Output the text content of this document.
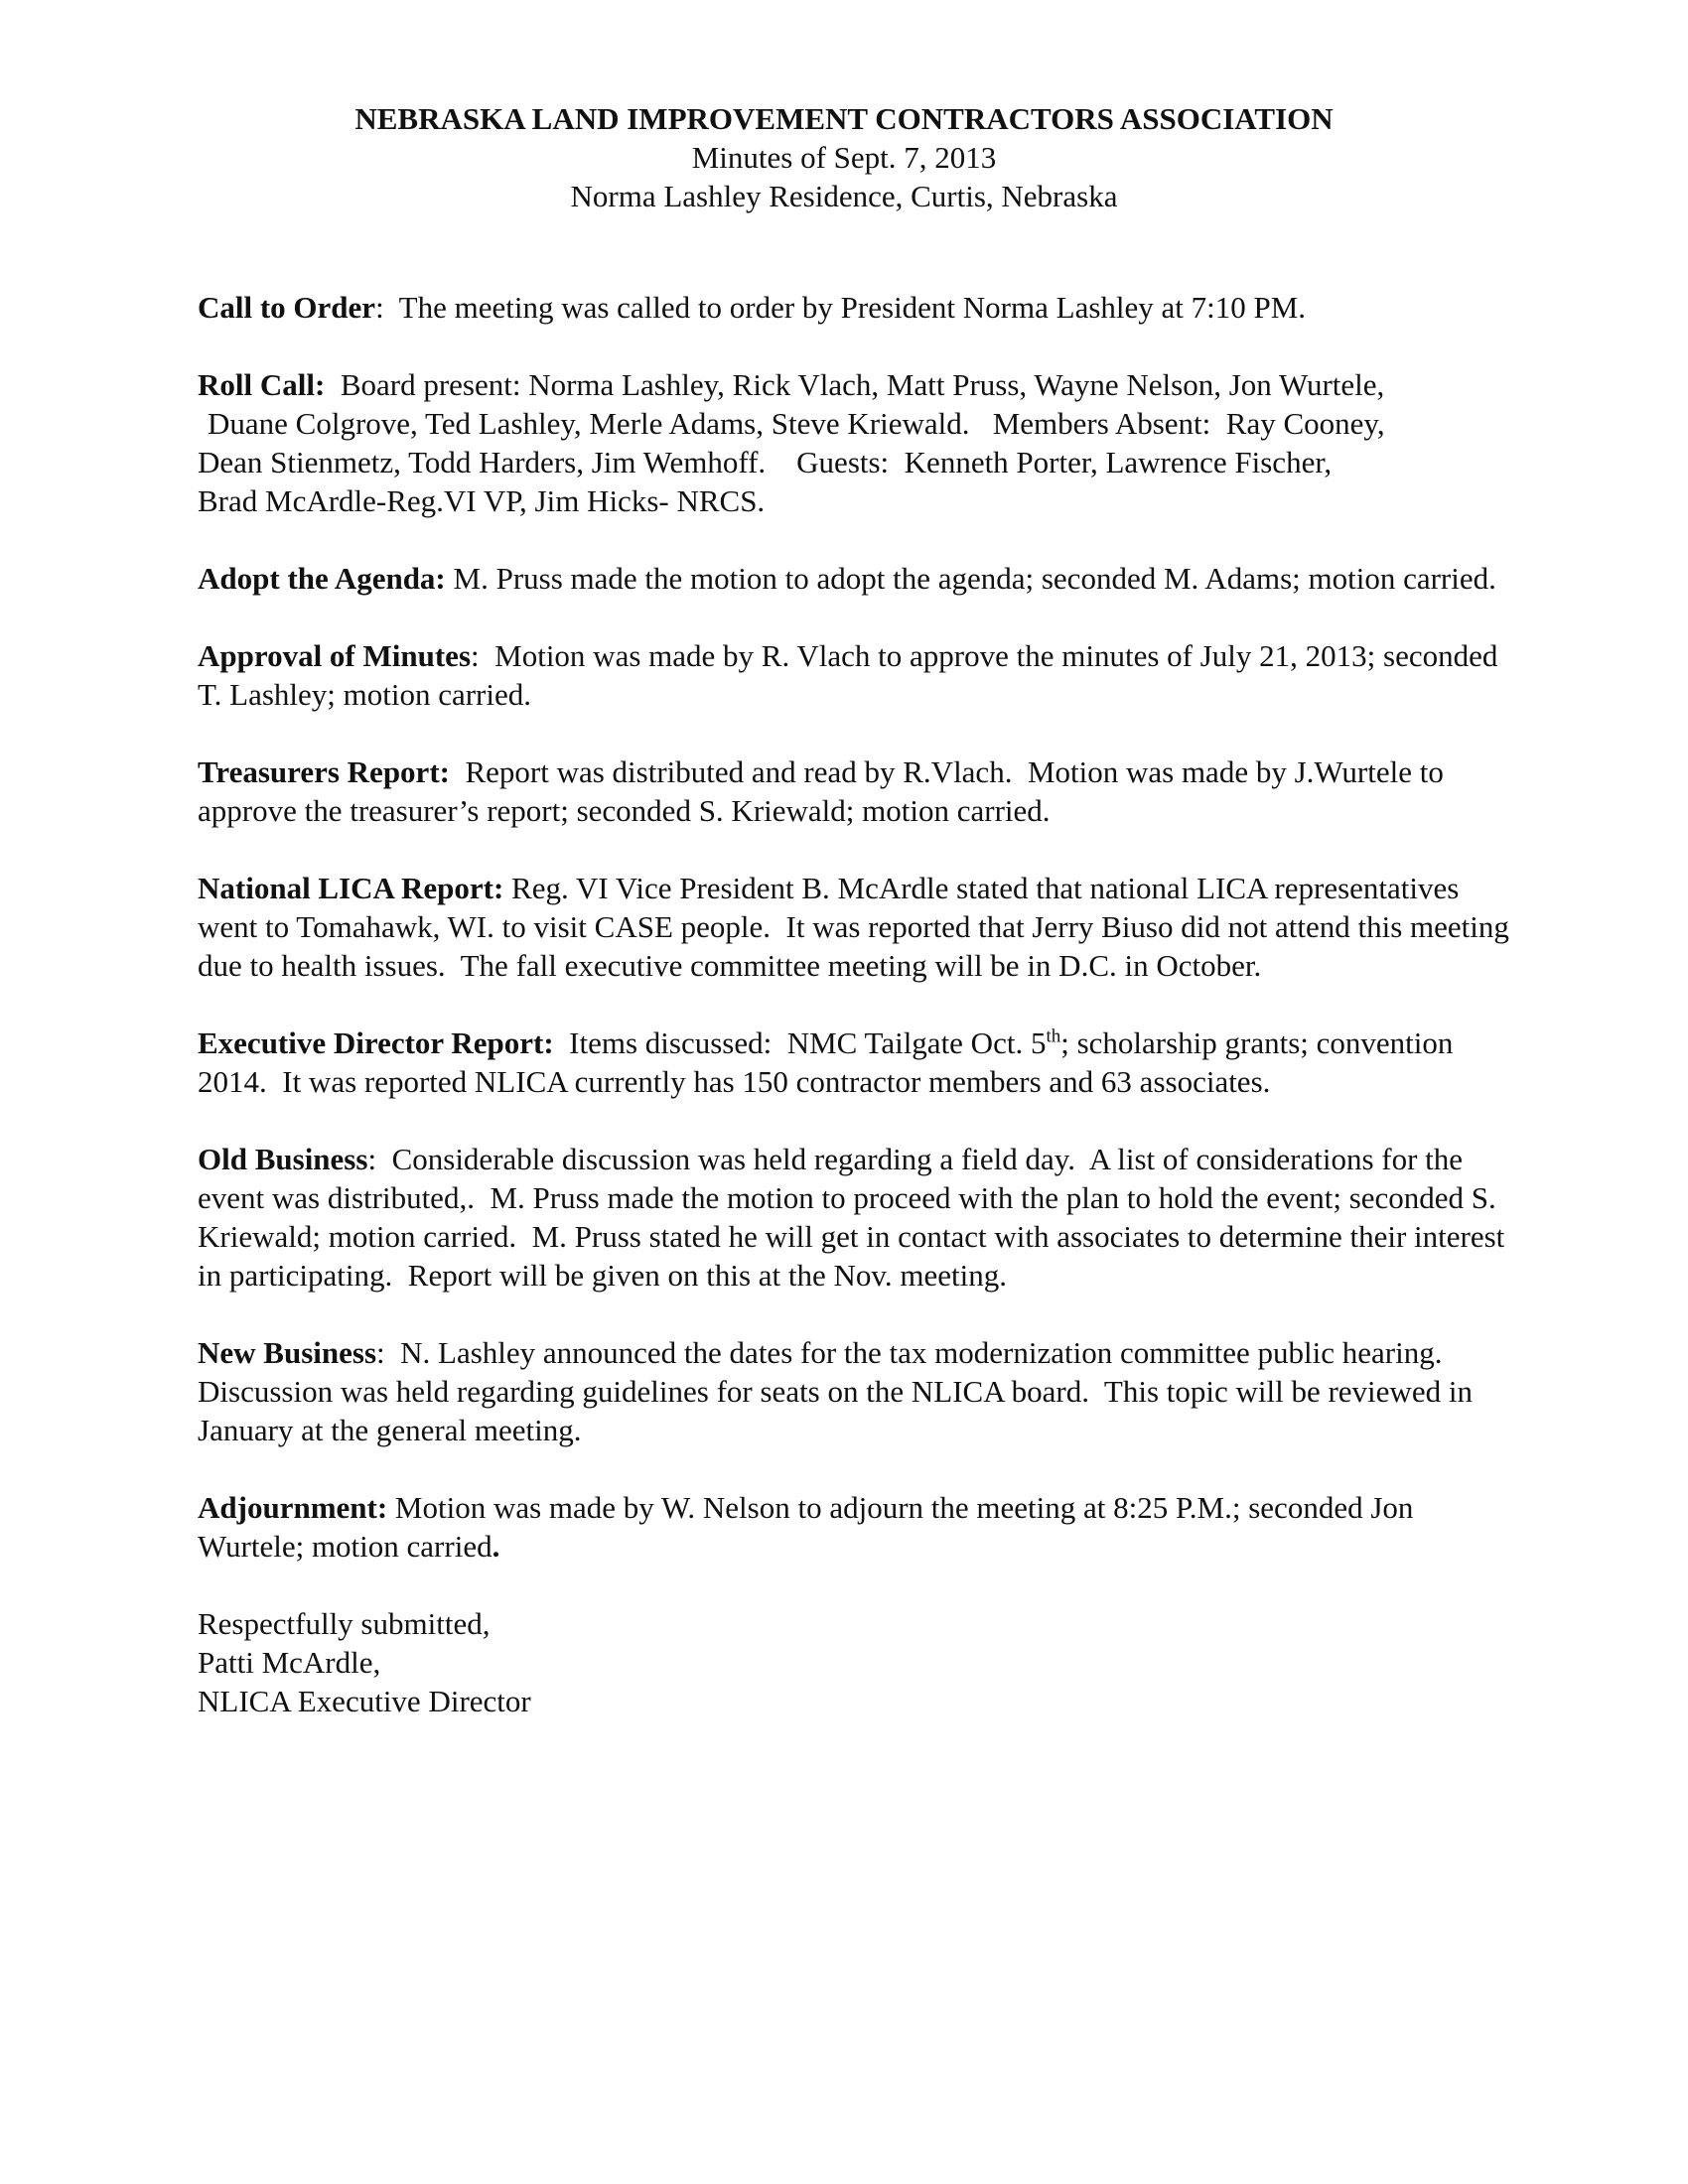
NEBRASKA LAND IMPROVEMENT CONTRACTORS ASSOCIATION
Minutes of Sept. 7, 2013
Norma Lashley Residence, Curtis, Nebraska

Call to Order:  The meeting was called to order by President Norma Lashley at 7:10 PM.

Roll Call:  Board present: Norma Lashley, Rick Vlach, Matt Pruss, Wayne Nelson, Jon Wurtele,

Duane Colgrove, Ted Lashley, Merle Adams, Steve Kriewald.   Members Absent:  Ray Cooney,

Dean Stienmetz, Todd Harders, Jim Wemhoff.    Guests:  Kenneth Porter, Lawrence Fischer,

Brad McArdle-Reg.VI VP, Jim Hicks- NRCS.

Adopt the Agenda: M. Pruss made the motion to adopt the agenda; seconded M. Adams; motion carried.

Approval of Minutes:  Motion was made by R. Vlach to approve the minutes of July 21, 2013; seconded T. Lashley; motion carried.

Treasurers Report:  Report was distributed and read by R.Vlach.  Motion was made by J.Wurtele to approve the treasurer’s report; seconded S. Kriewald; motion carried.

National LICA Report: Reg. VI Vice President B. McArdle stated that national LICA representatives went to Tomahawk, WI. to visit CASE people.  It was reported that Jerry Biuso did not attend this meeting due to health issues.  The fall executive committee meeting will be in D.C. in October.

Executive Director Report:  Items discussed:  NMC Tailgate Oct. 5th; scholarship grants; convention 2014.  It was reported NLICA currently has 150 contractor members and 63 associates.

Old Business:  Considerable discussion was held regarding a field day.  A list of considerations for the event was distributed,.  M. Pruss made the motion to proceed with the plan to hold the event; seconded S. Kriewald; motion carried.  M. Pruss stated he will get in contact with associates to determine their interest in participating.  Report will be given on this at the Nov. meeting.

New Business:  N. Lashley announced the dates for the tax modernization committee public hearing.  Discussion was held regarding guidelines for seats on the NLICA board.  This topic will be reviewed in January at the general meeting.

Adjournment: Motion was made by W. Nelson to adjourn the meeting at 8:25 P.M.; seconded Jon Wurtele; motion carried.

Respectfully submitted,

Patti McArdle,

NLICA Executive Director
